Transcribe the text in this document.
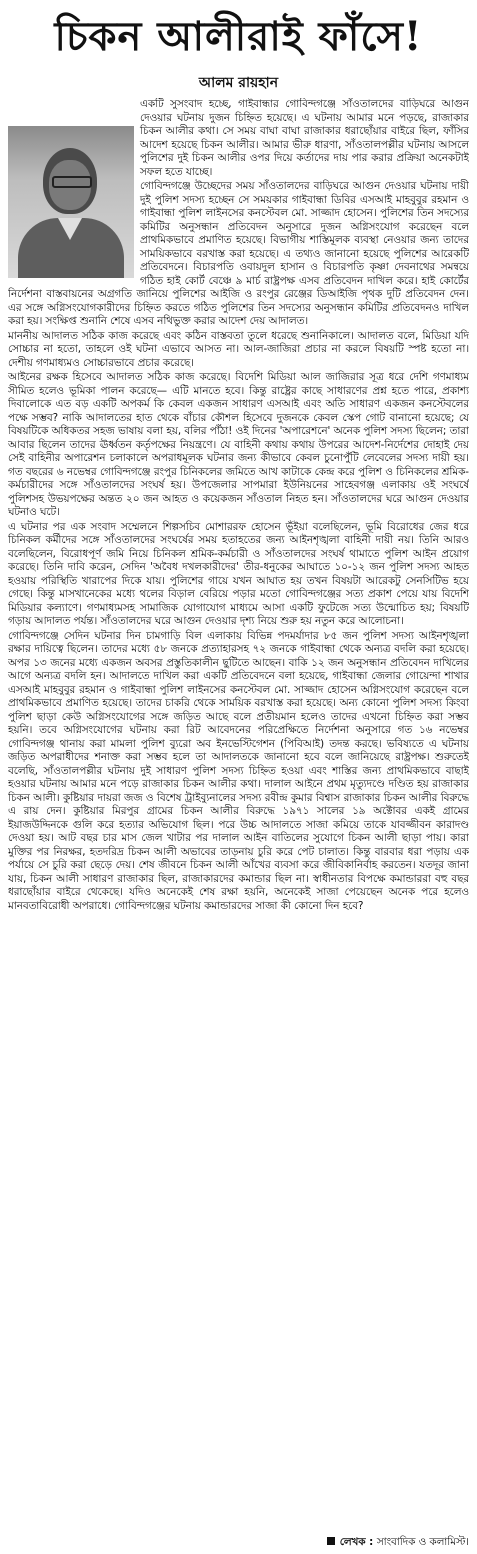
চিকন আলীরাই ফাঁসে!
আলম রায়হান

একটি সুসংবাদ হচ্ছে, গাইবান্ধার গোবিন্দগঞ্জে সাঁওতালদের বাড়িঘরে আগুন দেওয়ার ঘটনায় দুজন চিহ্নিত হয়েছে। এ ঘটনায় আমার মনে পড়ছে, রাজাকার চিকন আলীর কথা। সে সময় বাঘা বাঘা রাজাকার ধরাছোঁয়ার বাইরে ছিল, ফাঁসির আদেশ হয়েছে চিকন আলীর। আমার ভীরু ধারণা, সাঁওতালপল্লীর ঘটনায় আসলে পুলিশের দুই চিকন আলীর ওপর দিয়ে কর্তাদের দায় পার করার প্রক্রিয়া অনেকটাই সফল হতে যাচ্ছে।

গোবিন্দগঞ্জে উচ্ছেদের সময় সাঁওতালদের বাড়িঘরে আগুন দেওয়ার ঘটনায় দায়ী দুই পুলিশ সদস্য হচ্ছেন সে সময়কার গাইবান্ধা ডিবির এসআই মাহবুবুর রহমান ও গাইবান্ধা পুলিশ লাইনসের কনস্টেবল মো. সাজ্জাদ হোসেন। পুলিশের তিন সদস্যের কমিটির অনুসন্ধান প্রতিবেদন অনুসারে দুজন অগ্নিসংযোগ করেছেন বলে প্রাথমিকভাবে প্রমাণিত হয়েছে। বিভাগীয় শাস্তিমূলক ব্যবস্থা নেওয়ার জন্য তাদের সাময়িকভাবে বরখাস্ত করা হয়েছে। এ তথ্যও জানানো হয়েছে পুলিশের আরেকটি প্রতিবেদনে। বিচারপতি ওবায়দুল হাসান ও বিচারপতি কৃষ্ণা দেবনাথের সমন্বয়ে গঠিত হাই কোর্ট বেঞ্চে ৯ মার্চ রাষ্ট্রপক্ষ এসব প্রতিবেদন দাখিল করে। হাই কোর্টের নির্দেশনা বাস্তবায়নের অগ্রগতি জানিয়ে পুলিশের আইজি ও রংপুর রেঞ্জের ডিআইজি পৃথক দুটি প্রতিবেদন দেন। এর সঙ্গে অগ্নিসংযোগকারীদের চিহ্নিত করতে গঠিত পুলিশের তিন সদস্যের অনুসন্ধান কমিটির প্রতিবেদনও দাখিল করা হয়। সংক্ষিপ্ত শুনানি শেষে এসব নথিভুক্ত করার আদেশ দেয় আদালত।

মাননীয় আদালত সঠিক কাজ করেছে এবং কঠিন বাস্তবতা তুলে ধরেছে শুনানিকালে। আদালত বলে, মিডিয়া যদি সোচ্চার না হতো, তাহলে ওই ঘটনা এভাবে আসত না। আল-জাজিরা প্রচার না করলে বিষয়টি স্পষ্ট হতো না। দেশীয় গণমাধ্যমও সোচ্চারভাবে প্রচার করেছে।

আইনের রক্ষক হিসেবে আদালত সঠিক কাজ করেছে। বিদেশি মিডিয়া আল জাজিরার সূত্র ধরে দেশি গণমাধ্যম সীমিত হলেও ভূমিকা পালন করেছে— এটি মানতে হবে। কিন্তু রাষ্ট্রের কাছে সাধারণের প্রশ্ন হতে পারে, প্রকাশ্য দিবালোকে এত বড় একটি অপকর্ম কি কেবল একজন সাধারণ এসআই এবং অতি সাধারণ একজন কনস্টেবলের পক্ষে সম্ভব? নাকি আদালতের হাত থেকে বাঁচার কৌশল হিসেবে দুজনকে কেবল স্কেপ গোট বানানো হয়েছে; যে বিষয়টিকে অধিকতর সহজ ভাষায় বলা হয়, বলির পাঁঠা! ওই দিনের 'অপারেশনে' অনেক পুলিশ সদস্য ছিলেন; তারা আবার ছিলেন তাদের ঊর্ধ্বতন কর্তৃপক্ষের নিয়ন্ত্রণে। যে বাহিনী কথায় কথায় উপরের আদেশ-নির্দেশের দোহাই দেয় সেই বাহিনীর অপারেশন চলাকালে অপরাধমূলক ঘটনার জন্য কীভাবে কেবল চুনোপুঁটি লেবেলের সদস্য দায়ী হয়। গত বছরের ৬ নভেম্বর গোবিন্দগঞ্জে রংপুর চিনিকলের জমিতে আখ কাটাকে কেন্দ্র করে পুলিশ ও চিনিকলের শ্রমিক-কর্মচারীদের সঙ্গে সাঁওতালদের সংঘর্ষ হয়। উপজেলার সাপমারা ইউনিয়নের সাহেবগঞ্জ এলাকায় ওই সংঘর্ষে পুলিশসহ উভয়পক্ষের অন্তত ২০ জন আহত ও কয়েকজন সাঁওতাল নিহত হন। সাঁওতালদের ঘরে আগুন দেওয়ার ঘটনাও ঘটে।

এ ঘটনার পর এক সংবাদ সম্মেলনে শিল্পসচিব মোশাররফ হোসেন ভূঁইয়া বলেছিলেন, ভূমি বিরোধের জের ধরে চিনিকল কর্মীদের সঙ্গে সাঁওতালদের সংঘর্ষের সময় হতাহতের জন্য আইনশৃঙ্খলা বাহিনী দায়ী নয়। তিনি আরও বলেছিলেন, বিরোধপূর্ণ জমি নিয়ে চিনিকল শ্রমিক-কর্মচারী ও সাঁওতালদের সংঘর্ষ থামাতে পুলিশ আইন প্রয়োগ করেছে। তিনি দাবি করেন, সেদিন 'অবৈধ দখলকারীদের' তীর-ধনুকের আঘাতে ১০-১২ জন পুলিশ সদস্য আহত হওয়ায় পরিস্থিতি খারাপের দিকে যায়। পুলিশের গায়ে যখন আঘাত হয় তখন বিষয়টা আরেকটু সেনসিটিভ হয়ে গেছে। কিন্তু মাসখানেকের মধ্যে থলের বিড়াল বেরিয়ে পড়ার মতো গোবিন্দগঞ্জের সত্য প্রকাশ পেয়ে যায় বিদেশি মিডিয়ার কল্যাণে। গণমাধ্যমসহ সামাজিক যোগাযোগ মাধ্যমে আসা একটি ফুটেজে সত্য উন্মোচিত হয়; বিষয়টি গড়ায় আদালত পর্যন্ত। সাঁওতালদের ঘরে আগুন দেওয়ার দৃশ্য নিয়ে শুরু হয় নতুন করে আলোচনা।

গোবিন্দগঞ্জে সেদিন ঘটনার দিন চামগাড়ি বিল এলাকায় বিভিন্ন পদমর্যাদার ৮৫ জন পুলিশ সদস্য আইনশৃঙ্খলা রক্ষার দায়িত্বে ছিলেন। তাদের মধ্যে ৫৮ জনকে প্রত্যাহারসহ ৭২ জনকে গাইবান্ধা থেকে অন্যত্র বদলি করা হয়েছে। অপর ১৩ জনের মধ্যে একজন অবসর প্রস্তুতিকালীন ছুটিতে আছেন। বাকি ১২ জন অনুসন্ধান প্রতিবেদন দাখিলের আগে অন্যত্র বদলি হন। আদালতে দাখিল করা একটি প্রতিবেদনে বলা হয়েছে, গাইবান্ধা জেলার গোয়েন্দা শাখার এসআই মাহবুবুর রহমান ও গাইবান্ধা পুলিশ লাইনসের কনস্টেবল মো. সাজ্জাদ হোসেন অগ্নিসংযোগ করেছেন বলে প্রাথমিকভাবে প্রমাণিত হয়েছে। তাদের চাকরি থেকে সাময়িক বরখাস্ত করা হয়েছে। অন্য কোনো পুলিশ সদস্য কিংবা পুলিশ ছাড়া কেউ অগ্নিসংযোগের সঙ্গে জড়িত আছে বলে প্রতীয়মান হলেও তাদের এখনো চিহ্নিত করা সম্ভব হয়নি। তবে অগ্নিসংযোগের ঘটনায় করা রিট আবেদনের পরিপ্রেক্ষিতে নির্দেশনা অনুসারে গত ১৬ নভেম্বর গোবিন্দগঞ্জ থানায় করা মামলা পুলিশ ব্যুরো অব ইনভেস্টিগেশন (পিবিআই) তদন্ত করছে। ভবিষ্যতে এ ঘটনায় জড়িত অপরাধীদের শনাক্ত করা সম্ভব হলে তা আদালতকে জানানো হবে বলে জানিয়েছে রাষ্ট্রপক্ষ। শুরুতেই বলেছি, সাঁওতালপল্লীর ঘটনায় দুই সাধারণ পুলিশ সদস্য চিহ্নিত হওয়া এবং শাস্তির জন্য প্রাথমিকভাবে বাছাই হওয়ার ঘটনায় আমার মনে পড়ে রাজাকার চিকন আলীর কথা। দালাল আইনে প্রথম মৃত্যুদণ্ডে দণ্ডিত হয় রাজাকার চিকন আলী। কুষ্টিয়ার দায়রা জজ ও বিশেষ ট্রাইব্যুনালের সদস্য রবীন্দ্র কুমার বিশ্বাস রাজাকার চিকন আলীর বিরুদ্ধে এ রায় দেন। কুষ্টিয়ার মিরপুর গ্রামের চিকন আলীর বিরুদ্ধে ১৯৭১ সালের ১৯ অক্টোবর একই গ্রামের ইয়াজউদ্দিনকে গুলি করে হত্যার অভিযোগ ছিল। পরে উচ্চ আদালতে সাজা কমিয়ে তাকে যাবজ্জীবন কারাদণ্ড দেওয়া হয়। আট বছর চার মাস জেল খাটার পর দালাল আইন বাতিলের সুযোগে চিকন আলী ছাড়া পায়। কারা মুক্তির পর নিরক্ষর, হতদরিদ্র চিকন আলী অভাবের তাড়নায় চুরি করে পেট চালাত। কিন্তু বারবার ধরা পড়ায় এক পর্যায়ে সে চুরি করা ছেড়ে দেয়। শেষ জীবনে চিকন আলী আঁখের ব্যবসা করে জীবিকানির্বাহ করতেন। যতদূর জানা যায়, চিকন আলী সাধারণ রাজাকার ছিল, রাজাকারদের কমান্ডার ছিল না। স্বাধীনতার বিপক্ষে কমান্ডাররা বহু বছর ধরাছোঁয়ার বাইরে থেকেছে। যদিও অনেকেই শেষ রক্ষা হয়নি, অনেকেই সাজা পেয়েছেন অনেক পরে হলেও মানবতাবিরোধী অপরাধে। গোবিন্দগঞ্জের ঘটনায় কমান্ডারদের সাজা কী কোনো দিন হবে?

লেখক : সাংবাদিক ও কলামিস্ট।
